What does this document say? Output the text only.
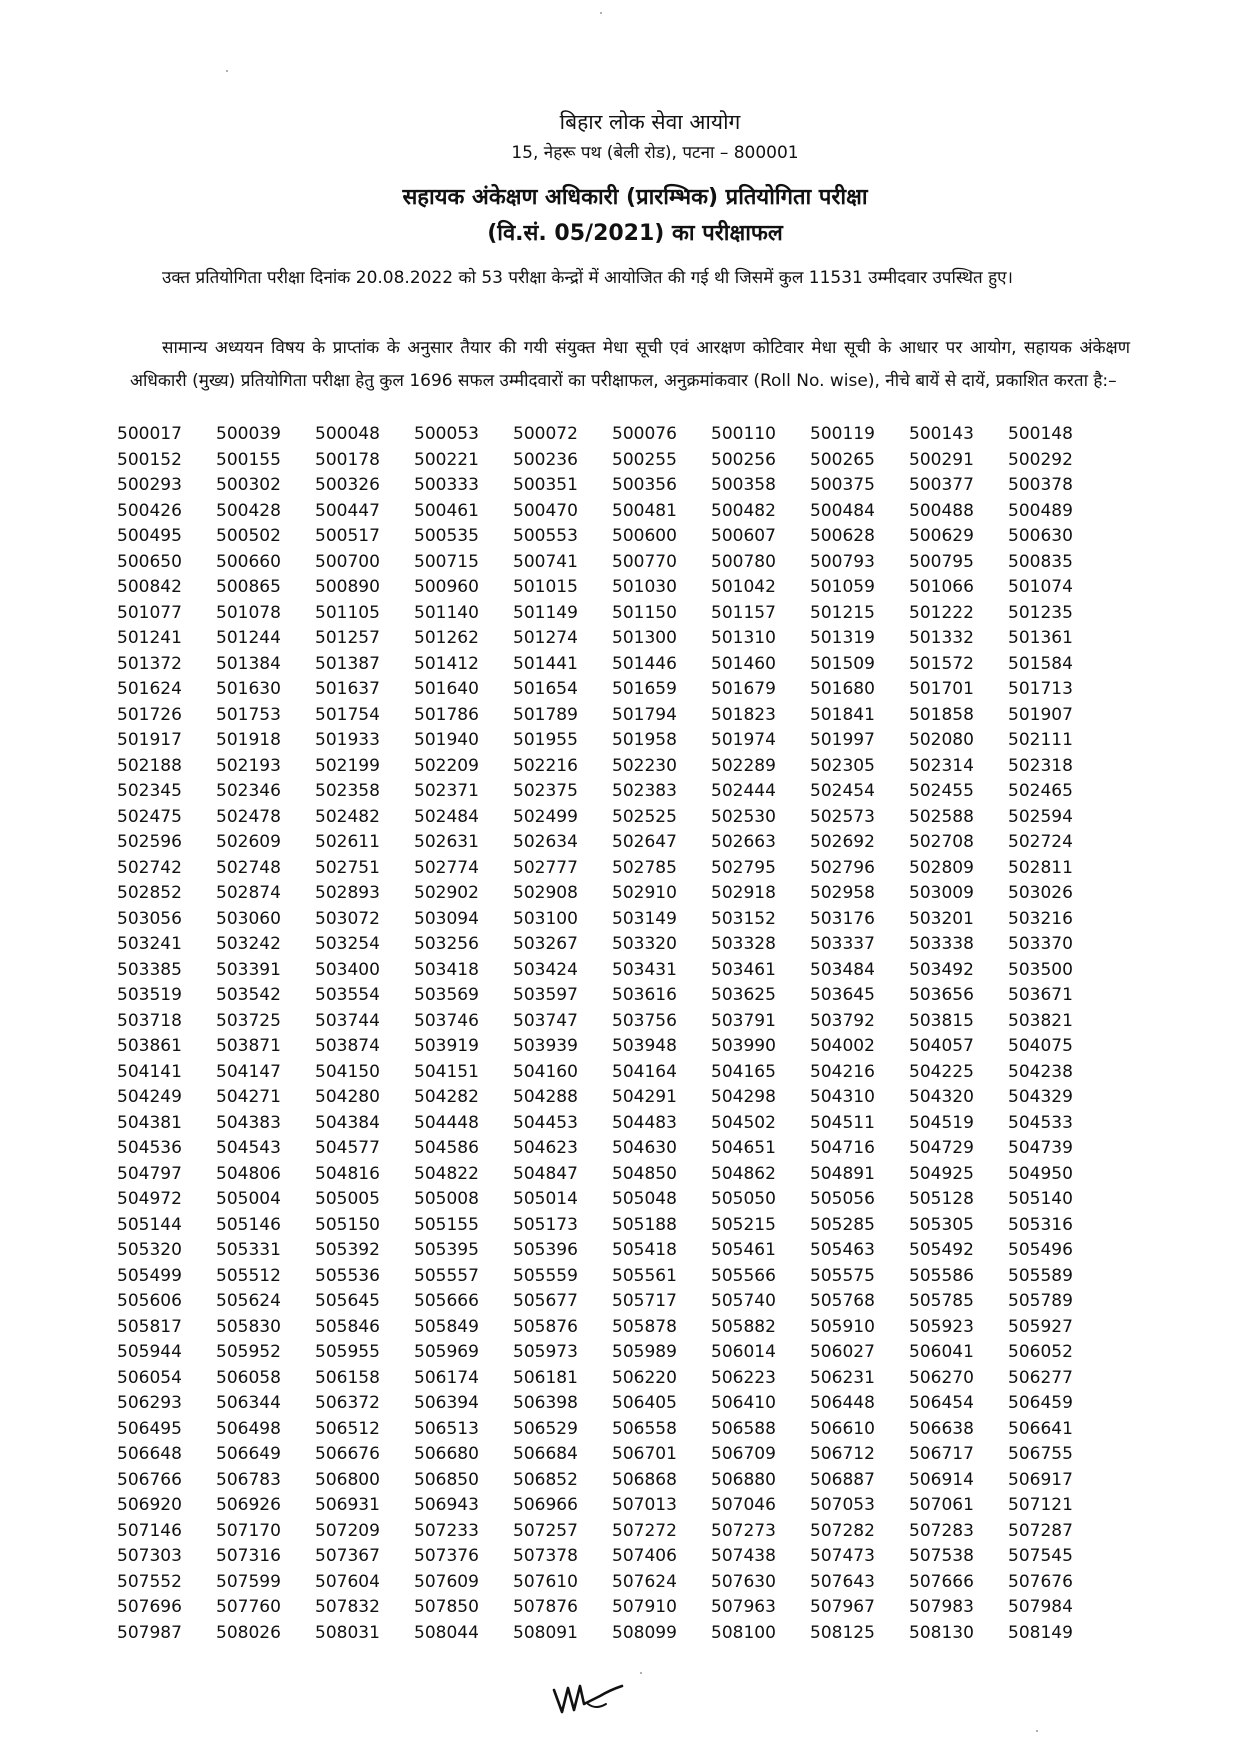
बिहार लोक सेवा आयोग
15, नेहरू पथ (बेली रोड), पटना – 800001
सहायक अंकेक्षण अधिकारी (प्रारम्भिक) प्रतियोगिता परीक्षा
(वि.सं. 05/2021) का परीक्षाफल
उक्त प्रतियोगिता परीक्षा दिनांक 20.08.2022 को 53 परीक्षा केन्द्रों में आयोजित की गई थी जिसमें कुल 11531 उम्मीदवार उपस्थित हुए।
सामान्य अध्ययन विषय के प्राप्तांक के अनुसार तैयार की गयी संयुक्त मेधा सूची एवं आरक्षण कोटिवार मेधा सूची के आधार पर आयोग, सहायक अंकेक्षण अधिकारी (मुख्य) प्रतियोगिता परीक्षा हेतु कुल 1696 सफल उम्मीदवारों का परीक्षाफल, अनुक्रमांकवार (Roll No. wise), नीचे बायें से दायें, प्रकाशित करता है:–
500017	500039	500048	500053	500072	500076	500110	500119	500143	500148
500152	500155	500178	500221	500236	500255	500256	500265	500291	500292
500293	500302	500326	500333	500351	500356	500358	500375	500377	500378
500426	500428	500447	500461	500470	500481	500482	500484	500488	500489
500495	500502	500517	500535	500553	500600	500607	500628	500629	500630
500650	500660	500700	500715	500741	500770	500780	500793	500795	500835
500842	500865	500890	500960	501015	501030	501042	501059	501066	501074
501077	501078	501105	501140	501149	501150	501157	501215	501222	501235
501241	501244	501257	501262	501274	501300	501310	501319	501332	501361
501372	501384	501387	501412	501441	501446	501460	501509	501572	501584
501624	501630	501637	501640	501654	501659	501679	501680	501701	501713
501726	501753	501754	501786	501789	501794	501823	501841	501858	501907
501917	501918	501933	501940	501955	501958	501974	501997	502080	502111
502188	502193	502199	502209	502216	502230	502289	502305	502314	502318
502345	502346	502358	502371	502375	502383	502444	502454	502455	502465
502475	502478	502482	502484	502499	502525	502530	502573	502588	502594
502596	502609	502611	502631	502634	502647	502663	502692	502708	502724
502742	502748	502751	502774	502777	502785	502795	502796	502809	502811
502852	502874	502893	502902	502908	502910	502918	502958	503009	503026
503056	503060	503072	503094	503100	503149	503152	503176	503201	503216
503241	503242	503254	503256	503267	503320	503328	503337	503338	503370
503385	503391	503400	503418	503424	503431	503461	503484	503492	503500
503519	503542	503554	503569	503597	503616	503625	503645	503656	503671
503718	503725	503744	503746	503747	503756	503791	503792	503815	503821
503861	503871	503874	503919	503939	503948	503990	504002	504057	504075
504141	504147	504150	504151	504160	504164	504165	504216	504225	504238
504249	504271	504280	504282	504288	504291	504298	504310	504320	504329
504381	504383	504384	504448	504453	504483	504502	504511	504519	504533
504536	504543	504577	504586	504623	504630	504651	504716	504729	504739
504797	504806	504816	504822	504847	504850	504862	504891	504925	504950
504972	505004	505005	505008	505014	505048	505050	505056	505128	505140
505144	505146	505150	505155	505173	505188	505215	505285	505305	505316
505320	505331	505392	505395	505396	505418	505461	505463	505492	505496
505499	505512	505536	505557	505559	505561	505566	505575	505586	505589
505606	505624	505645	505666	505677	505717	505740	505768	505785	505789
505817	505830	505846	505849	505876	505878	505882	505910	505923	505927
505944	505952	505955	505969	505973	505989	506014	506027	506041	506052
506054	506058	506158	506174	506181	506220	506223	506231	506270	506277
506293	506344	506372	506394	506398	506405	506410	506448	506454	506459
506495	506498	506512	506513	506529	506558	506588	506610	506638	506641
506648	506649	506676	506680	506684	506701	506709	506712	506717	506755
506766	506783	506800	506850	506852	506868	506880	506887	506914	506917
506920	506926	506931	506943	506966	507013	507046	507053	507061	507121
507146	507170	507209	507233	507257	507272	507273	507282	507283	507287
507303	507316	507367	507376	507378	507406	507438	507473	507538	507545
507552	507599	507604	507609	507610	507624	507630	507643	507666	507676
507696	507760	507832	507850	507876	507910	507963	507967	507983	507984
507987	508026	508031	508044	508091	508099	508100	508125	508130	508149
